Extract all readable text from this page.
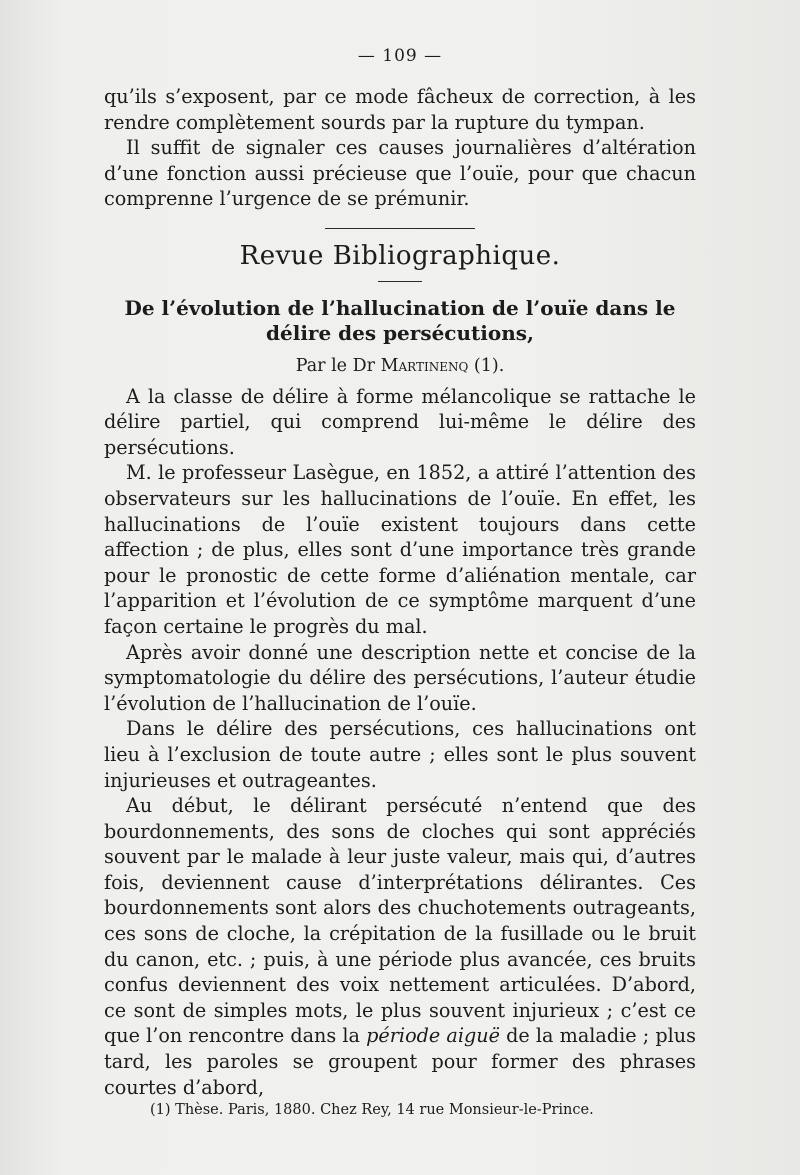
— 109 —

qu’ils s’exposent, par ce mode fâcheux de correction, à les rendre complètement sourds par la rupture du tympan.

Il suffit de signaler ces causes journalières d’altération d’une fonction aussi précieuse que l’ouïe, pour que chacun comprenne l’urgence de se prémunir.

Revue Bibliographique.
De l’évolution de l’hallucination de l’ouïe dans le délire des persécutions,
Par le Dr Martinenq (1).

A la classe de délire à forme mélancolique se rattache le délire partiel, qui comprend lui-même le délire des persécutions.

M. le professeur Lasègue, en 1852, a attiré l’attention des observateurs sur les hallucinations de l’ouïe. En effet, les hallucinations de l’ouïe existent toujours dans cette affection ; de plus, elles sont d’une importance très grande pour le pronostic de cette forme d’aliénation mentale, car l’apparition et l’évolution de ce symptôme marquent d’une façon certaine le progrès du mal.

Après avoir donné une description nette et concise de la symptomatologie du délire des persécutions, l’auteur étudie l’évolution de l’hallucination de l’ouïe.

Dans le délire des persécutions, ces hallucinations ont lieu à l’exclusion de toute autre ; elles sont le plus souvent injurieuses et outrageantes.

Au début, le délirant persécuté n’entend que des bourdonnements, des sons de cloches qui sont appréciés souvent par le malade à leur juste valeur, mais qui, d’autres fois, deviennent cause d’interprétations délirantes. Ces bourdonnements sont alors des chuchotements outrageants, ces sons de cloche, la crépitation de la fusillade ou le bruit du canon, etc. ; puis, à une période plus avancée, ces bruits confus deviennent des voix nettement articulées. D’abord, ce sont de simples mots, le plus souvent injurieux ; c’est ce que l’on rencontre dans la période aiguë de la maladie ; plus tard, les paroles se groupent pour former des phrases courtes d’abord,

(1) Thèse. Paris, 1880. Chez Rey, 14 rue Monsieur-le-Prince.
